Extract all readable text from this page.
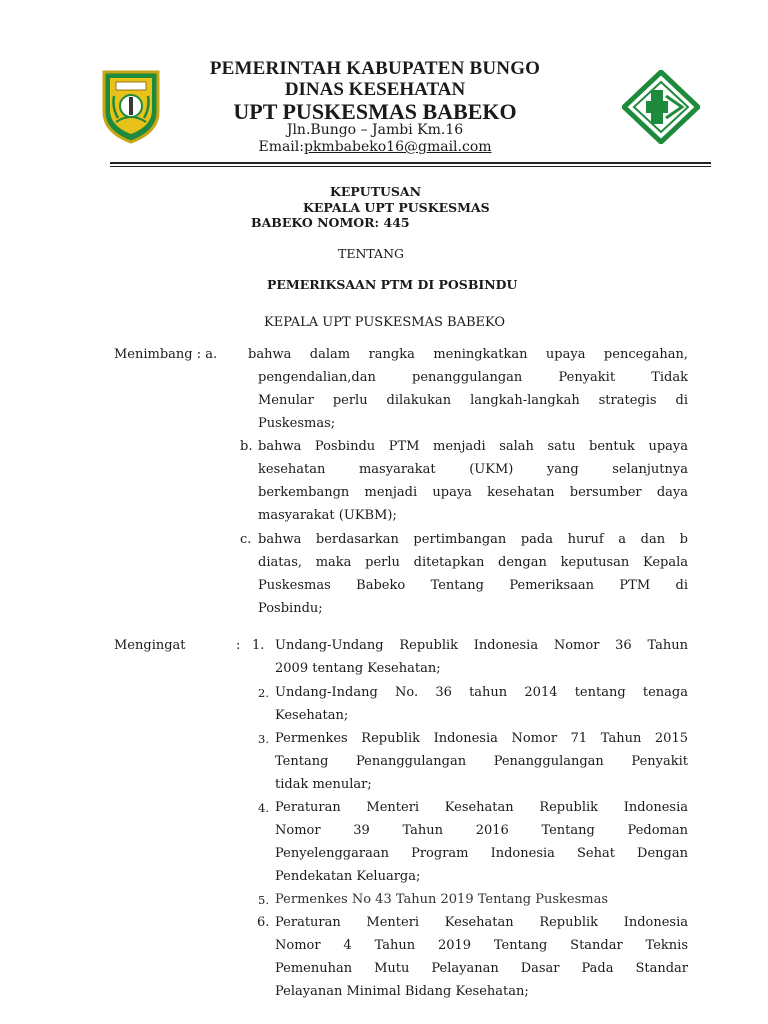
PEMERINTAH KABUPATEN BUNGO
DINAS KESEHATAN
UPT PUSKESMAS BABEKO
Jln.Bungo – Jambi Km.16
Email:pkmbabeko16@gmail.com
KEPUTUSAN
KEPALA UPT PUSKESMAS
BABEKO NOMOR: 445
TENTANG
PEMERIKSAAN PTM DI POSBINDU
KEPALA UPT PUSKESMAS BABEKO
Menimbang : a. bahwa dalam rangka meningkatkan upaya pencegahan,
pengendalian,dan penanggulangan Penyakit Tidak
Menular perlu dilakukan langkah-langkah strategis di
Puskesmas;
b. bahwa Posbindu PTM menjadi salah satu bentuk upaya
kesehatan masyarakat (UKM) yang selanjutnya
berkembangn menjadi upaya kesehatan bersumber daya
masyarakat (UKBM);
c. bahwa berdasarkan pertimbangan pada huruf a dan b
diatas, maka perlu ditetapkan dengan keputusan Kepala
Puskesmas Babeko Tentang Pemeriksaan PTM di
Posbindu;
Mengingat	: 1. Undang-Undang Republik Indonesia Nomor 36 Tahun
2009 tentang Kesehatan;
2. Undang-Indang No. 36 tahun 2014 tentang tenaga
Kesehatan;
3. Permenkes Republik Indonesia Nomor 71 Tahun 2015
Tentang Penanggulangan Penanggulangan Penyakit
tidak menular;
4. Peraturan Menteri Kesehatan Republik Indonesia
Nomor 39 Tahun 2016 Tentang Pedoman
Penyelenggaraan Program Indonesia Sehat Dengan
Pendekatan Keluarga;
5. Permenkes No 43 Tahun 2019 Tentang Puskesmas
6. Peraturan Menteri Kesehatan Republik Indonesia
Nomor 4 Tahun 2019 Tentang Standar Teknis
Pemenuhan Mutu Pelayanan Dasar Pada Standar
Pelayanan Minimal Bidang Kesehatan;
